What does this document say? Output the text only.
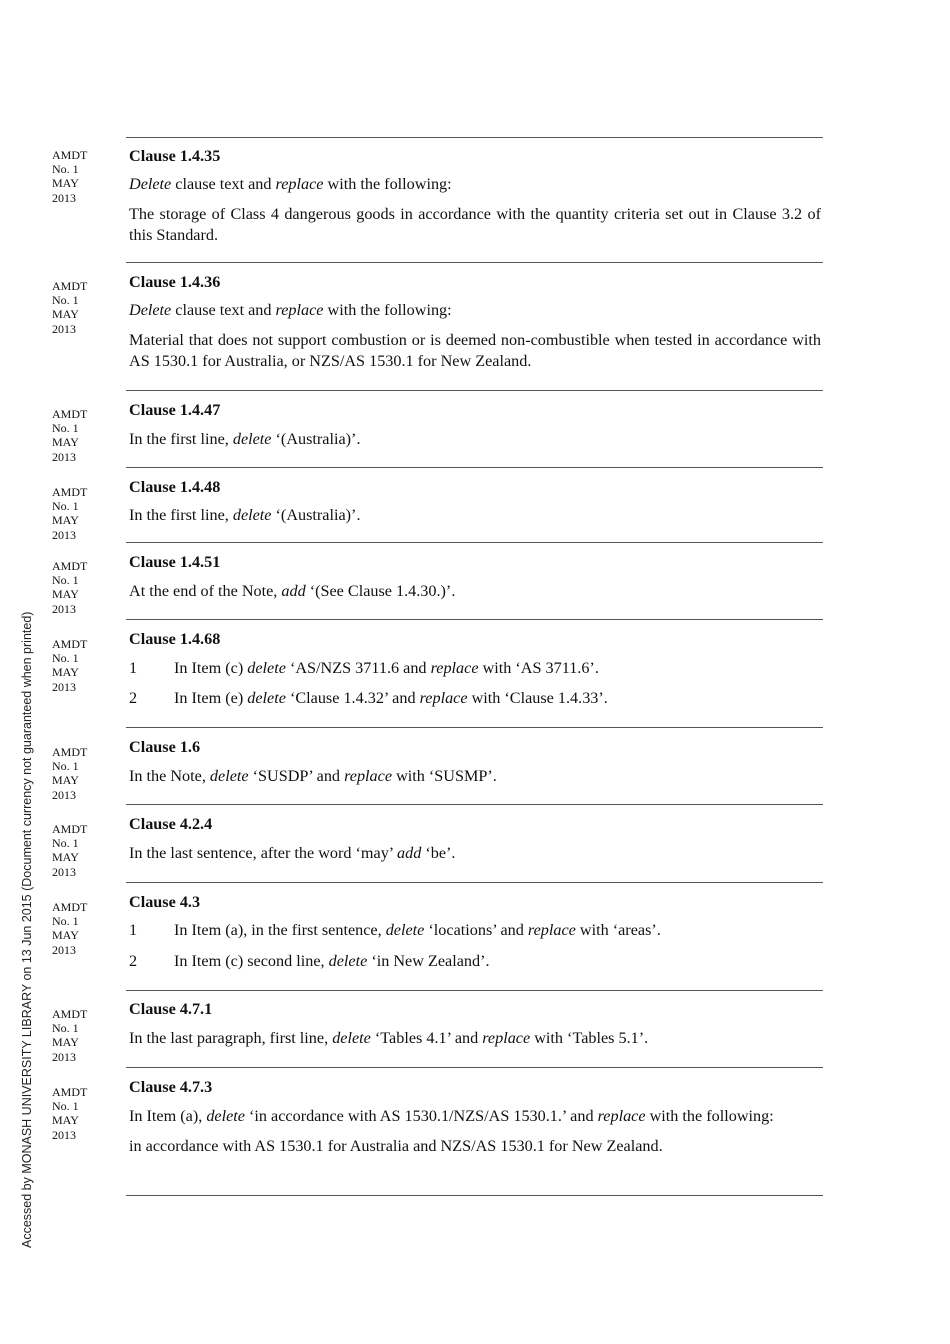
Accessed by MONASH UNIVERSITY LIBRARY on 13 Jun 2015 (Document currency not guaranteed when printed)
AMDT
No. 1
MAY
2013
AMDT
No. 1
MAY
2013
AMDT
No. 1
MAY
2013
AMDT
No. 1
MAY
2013
AMDT
No. 1
MAY
2013
AMDT
No. 1
MAY
2013
AMDT
No. 1
MAY
2013
AMDT
No. 1
MAY
2013
AMDT
No. 1
MAY
2013
AMDT
No. 1
MAY
2013
AMDT
No. 1
MAY
2013
Clause 1.4.35
Delete clause text and replace with the following:
The storage of Class 4 dangerous goods in accordance with the quantity criteria set out in Clause 3.2 of this Standard.
Clause 1.4.36
Delete clause text and replace with the following:
Material that does not support combustion or is deemed non-combustible when tested in accordance with AS 1530.1 for Australia, or NZS/AS 1530.1 for New Zealand.
Clause 1.4.47
In the first line, delete ‘(Australia)’.
Clause 1.4.48
In the first line, delete ‘(Australia)’.
Clause 1.4.51
At the end of the Note, add ‘(See Clause 1.4.30.)’.
Clause 1.4.68
1	In Item (c) delete ‘AS/NZS 3711.6 and replace with ‘AS 3711.6’.
2	In Item (e) delete ‘Clause 1.4.32’ and replace with ‘Clause 1.4.33’.
Clause 1.6
In the Note, delete ‘SUSDP’ and replace with ‘SUSMP’.
Clause 4.2.4
In the last sentence, after the word ‘may’ add ‘be’.
Clause 4.3
1	In Item (a), in the first sentence, delete ‘locations’ and replace with ‘areas’.
2	In Item (c) second line, delete ‘in New Zealand’.
Clause 4.7.1
In the last paragraph, first line, delete ‘Tables 4.1’ and replace with ‘Tables 5.1’.
Clause 4.7.3
In Item (a), delete ‘in accordance with AS 1530.1/NZS/AS 1530.1.’ and replace with the following:
in accordance with AS 1530.1 for Australia and NZS/AS 1530.1 for New Zealand.
